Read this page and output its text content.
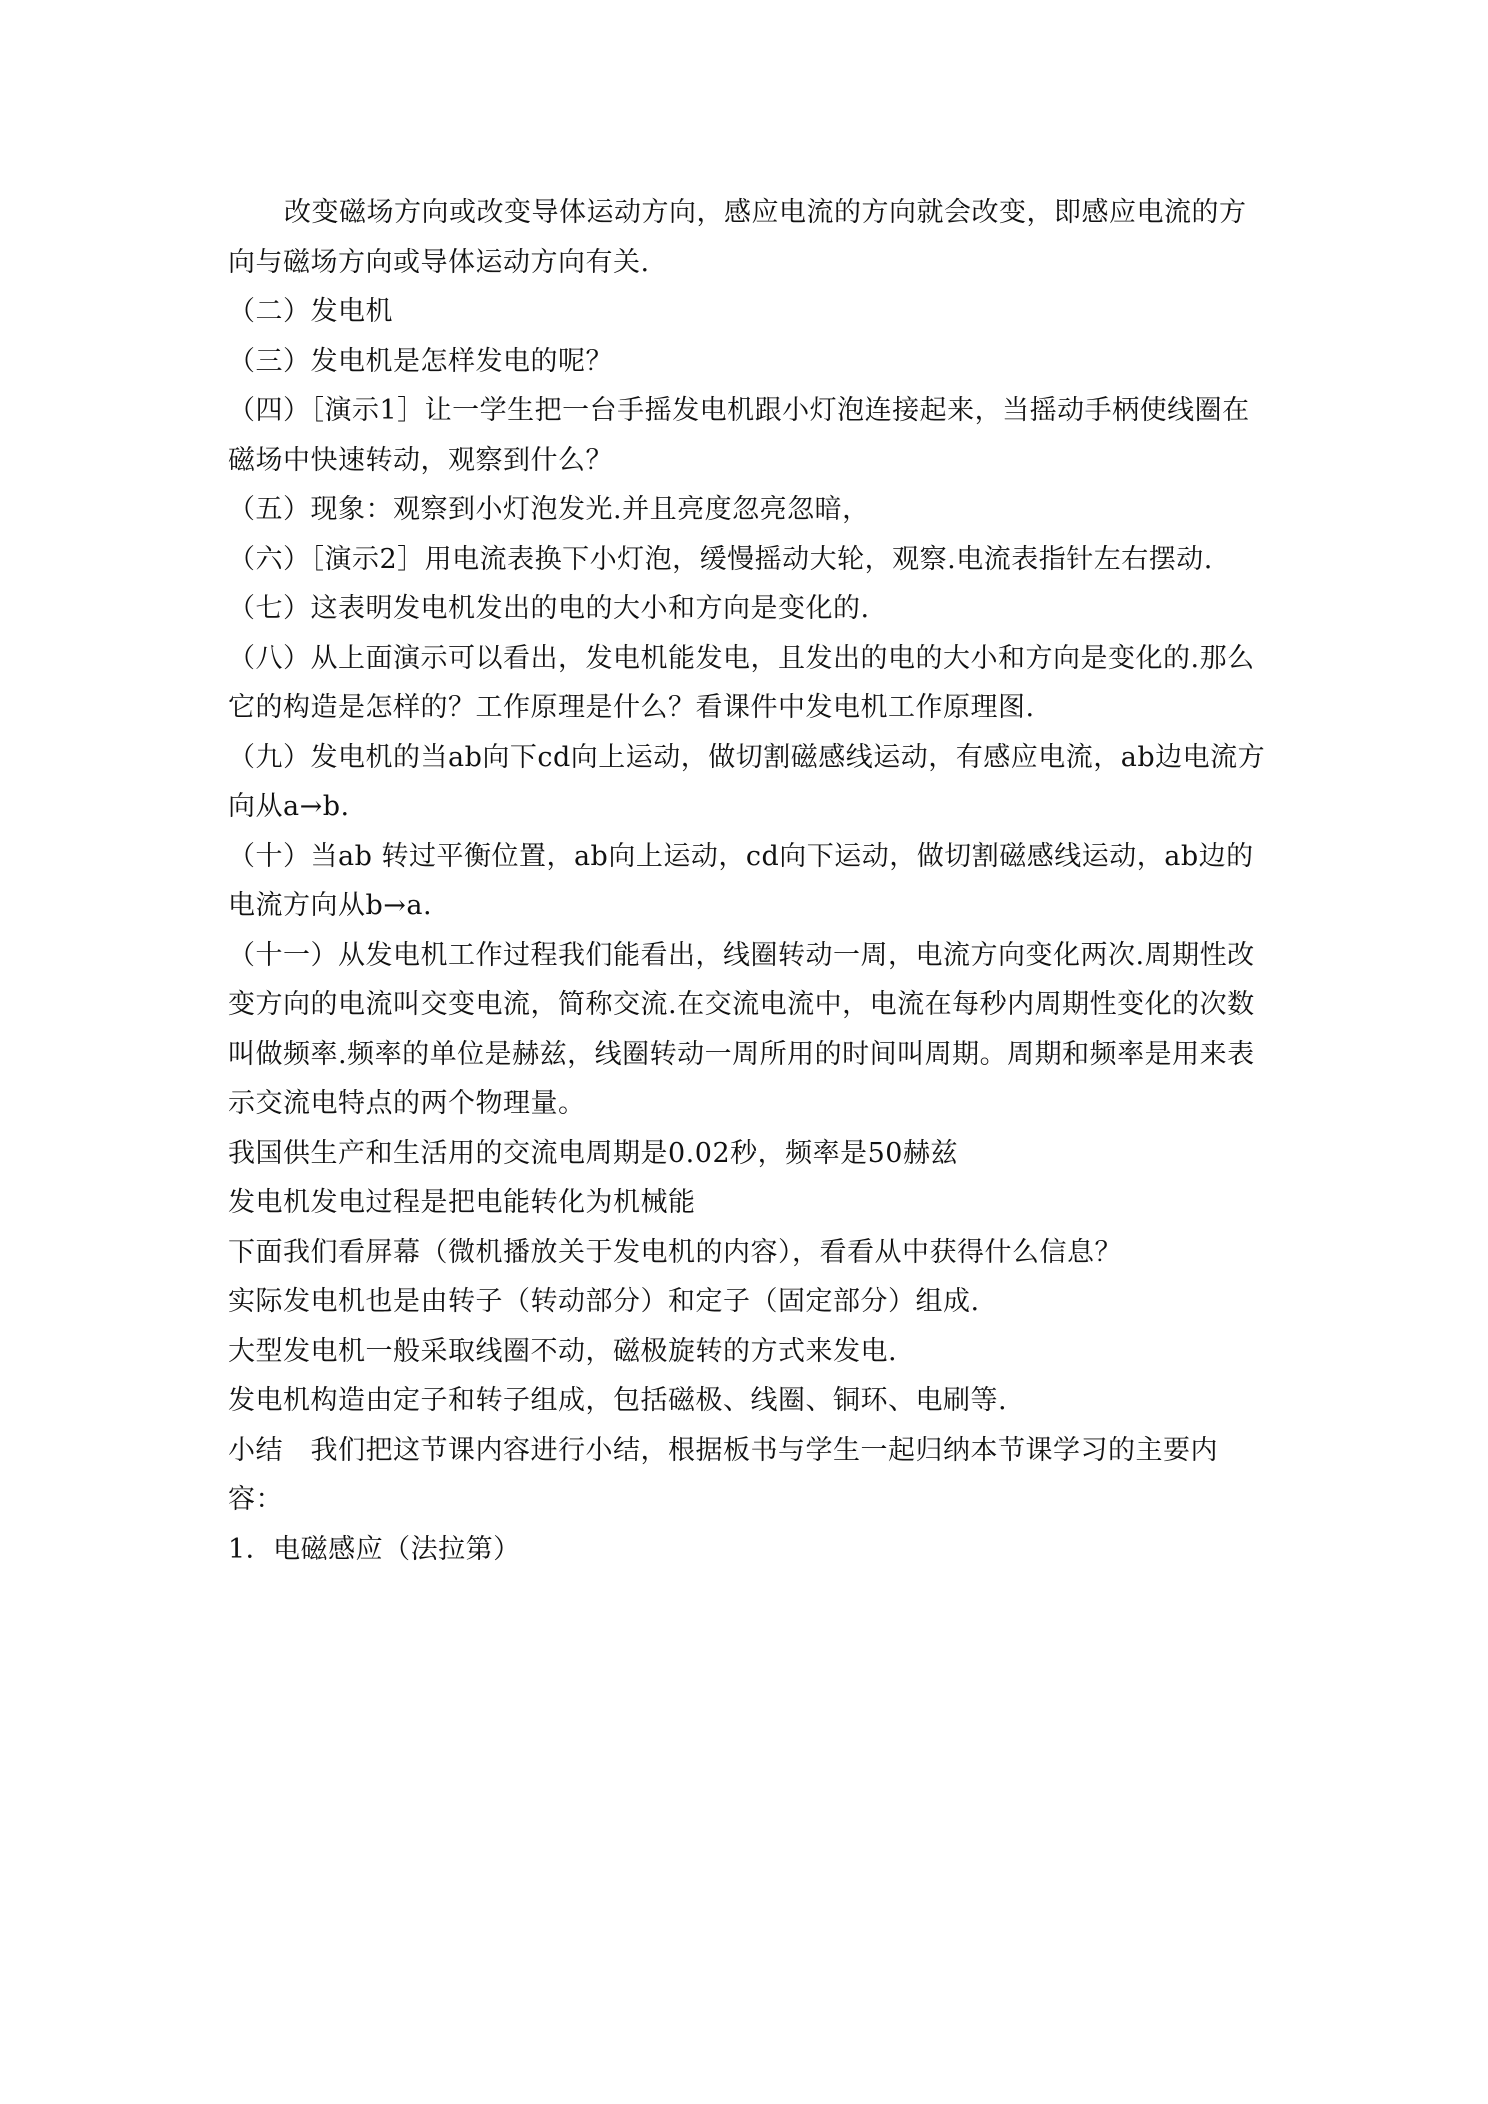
改变磁场方向或改变导体运动方向，感应电流的方向就会改变，即感应电流的方向与磁场方向或导体运动方向有关.

（二）发电机

（三）发电机是怎样发电的呢？

（四）［演示1］让一学生把一台手摇发电机跟小灯泡连接起来，当摇动手柄使线圈在磁场中快速转动，观察到什么？

（五）现象：观察到小灯泡发光.并且亮度忽亮忽暗，

（六）［演示2］用电流表换下小灯泡，缓慢摇动大轮，观察.电流表指针左右摆动.

（七）这表明发电机发出的电的大小和方向是变化的.

（八）从上面演示可以看出，发电机能发电，且发出的电的大小和方向是变化的.那么它的构造是怎样的？工作原理是什么？看课件中发电机工作原理图.

（九）发电机的当ab向下cd向上运动，做切割磁感线运动，有感应电流，ab边电流方向从a→b.

（十）当ab 转过平衡位置，ab向上运动，cd向下运动，做切割磁感线运动，ab边的电流方向从b→a.

（十一）从发电机工作过程我们能看出，线圈转动一周，电流方向变化两次.周期性改变方向的电流叫交变电流，简称交流.在交流电流中，电流在每秒内周期性变化的次数叫做频率.频率的单位是赫兹，线圈转动一周所用的时间叫周期。周期和频率是用来表示交流电特点的两个物理量。

我国供生产和生活用的交流电周期是0.02秒，频率是50赫兹

发电机发电过程是把电能转化为机械能

下面我们看屏幕（微机播放关于发电机的内容），看看从中获得什么信息？

实际发电机也是由转子（转动部分）和定子（固定部分）组成.

大型发电机一般采取线圈不动，磁极旋转的方式来发电.

发电机构造由定子和转子组成，包括磁极、线圈、铜环、电刷等.

小结　我们把这节课内容进行小结，根据板书与学生一起归纳本节课学习的主要内容：

1．电磁感应（法拉第）
